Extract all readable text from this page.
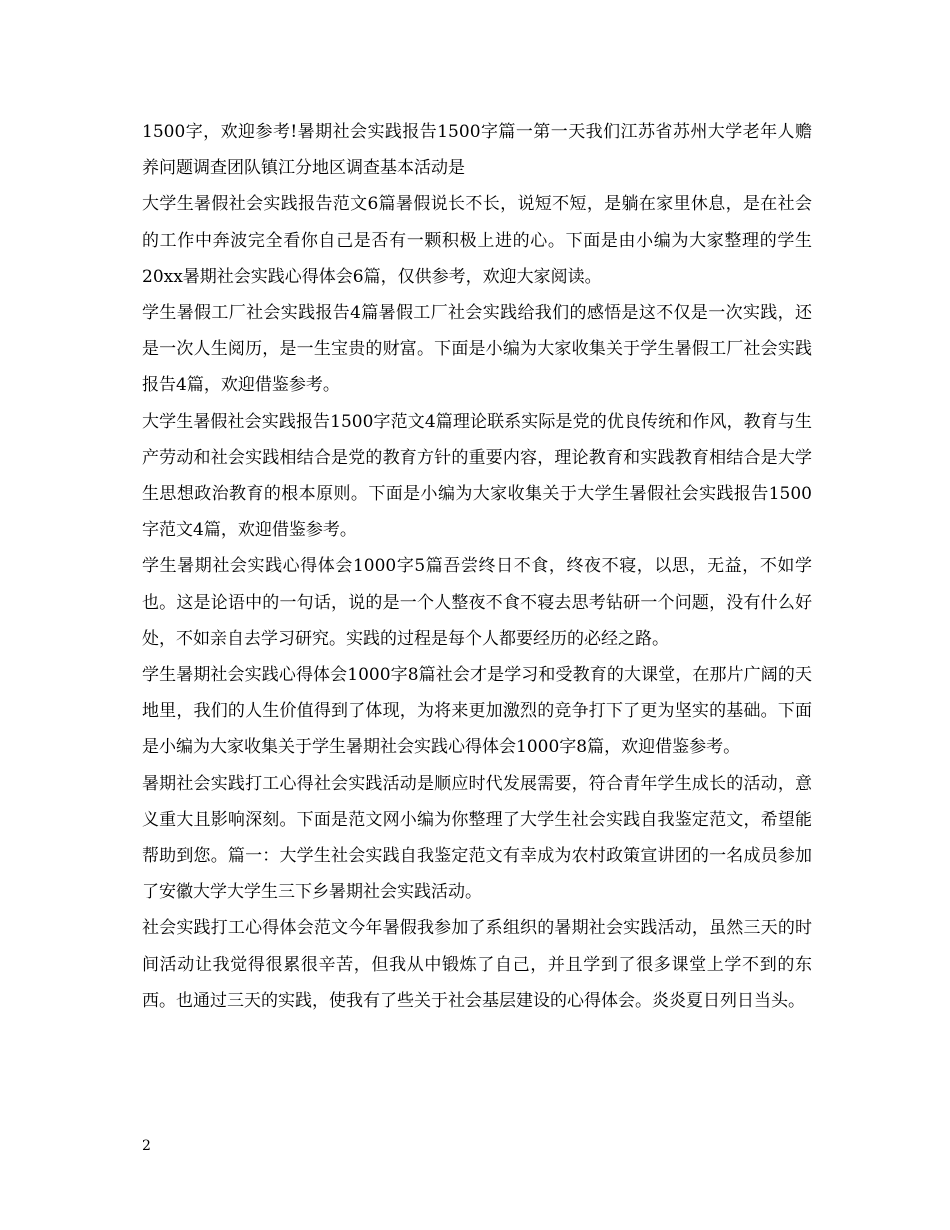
1500字，欢迎参考!暑期社会实践报告1500字篇一第一天我们江苏省苏州大学老年人赡养问题调查团队镇江分地区调查基本活动是

大学生暑假社会实践报告范文6篇暑假说长不长，说短不短，是躺在家里休息，是在社会的工作中奔波完全看你自己是否有一颗积极上进的心。下面是由小编为大家整理的学生20xx暑期社会实践心得体会6篇，仅供参考，欢迎大家阅读。

学生暑假工厂社会实践报告4篇暑假工厂社会实践给我们的感悟是这不仅是一次实践，还是一次人生阅历，是一生宝贵的财富。下面是小编为大家收集关于学生暑假工厂社会实践报告4篇，欢迎借鉴参考。

大学生暑假社会实践报告1500字范文4篇理论联系实际是党的优良传统和作风，教育与生产劳动和社会实践相结合是党的教育方针的重要内容，理论教育和实践教育相结合是大学生思想政治教育的根本原则。下面是小编为大家收集关于大学生暑假社会实践报告1500字范文4篇，欢迎借鉴参考。

学生暑期社会实践心得体会1000字5篇吾尝终日不食，终夜不寝，以思，无益，不如学也。这是论语中的一句话，说的是一个人整夜不食不寝去思考钻研一个问题，没有什么好处，不如亲自去学习研究。实践的过程是每个人都要经历的必经之路。

学生暑期社会实践心得体会1000字8篇社会才是学习和受教育的大课堂，在那片广阔的天地里，我们的人生价值得到了体现，为将来更加激烈的竞争打下了更为坚实的基础。下面是小编为大家收集关于学生暑期社会实践心得体会1000字8篇，欢迎借鉴参考。

暑期社会实践打工心得社会实践活动是顺应时代发展需要，符合青年学生成长的活动，意义重大且影响深刻。下面是范文网小编为你整理了大学生社会实践自我鉴定范文，希望能帮助到您。篇一：大学生社会实践自我鉴定范文有幸成为农村政策宣讲团的一名成员参加了安徽大学大学生三下乡暑期社会实践活动。

社会实践打工心得体会范文今年暑假我参加了系组织的暑期社会实践活动，虽然三天的时间活动让我觉得很累很辛苦，但我从中锻炼了自己，并且学到了很多课堂上学不到的东西。也通过三天的实践，使我有了些关于社会基层建设的心得体会。炎炎夏日列日当头。

2
